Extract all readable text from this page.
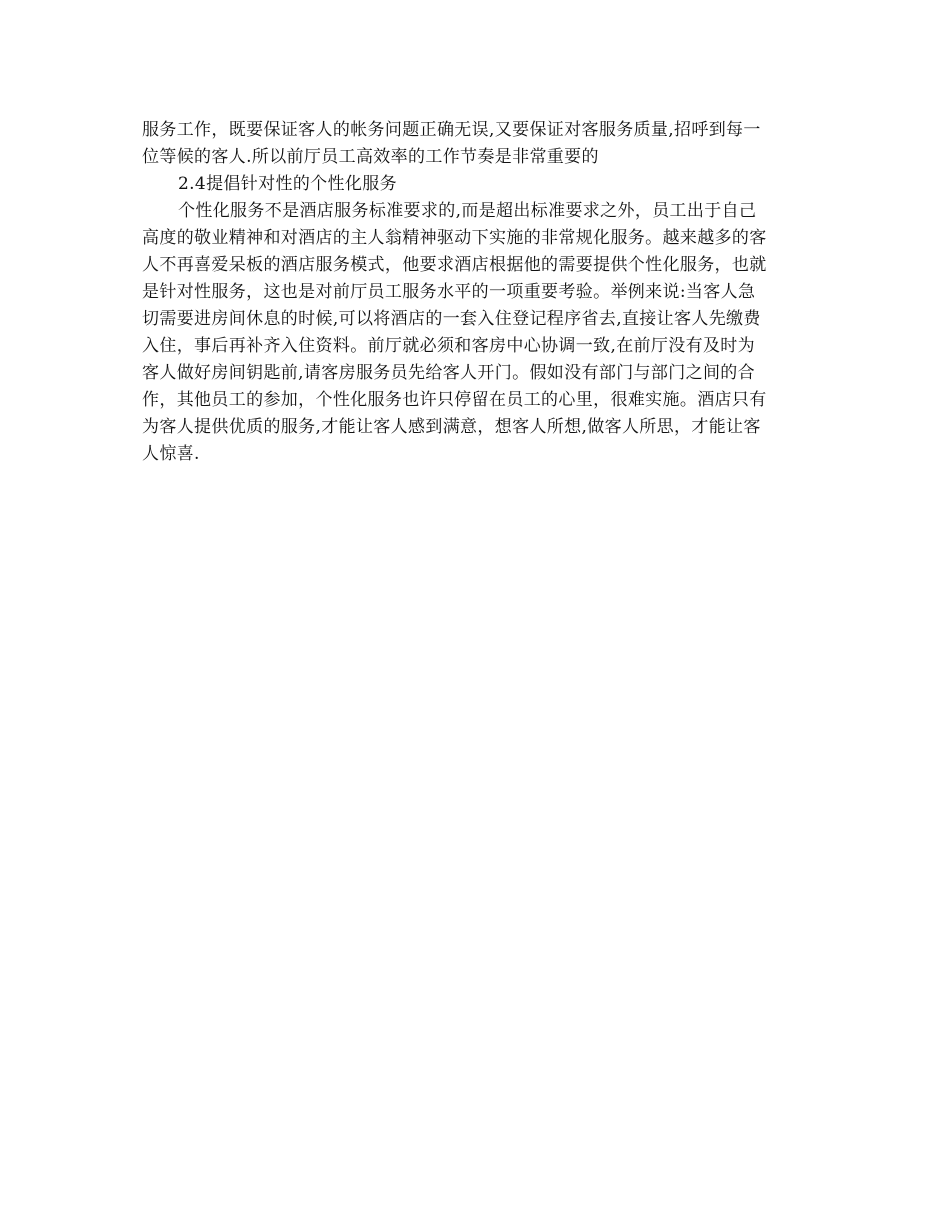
服务工作，既要保证客人的帐务问题正确无误,又要保证对客服务质量,招呼到每一
位等候的客人.所以前厅员工高效率的工作节奏是非常重要的
2.4提倡针对性的个性化服务
个性化服务不是酒店服务标准要求的,而是超出标准要求之外，员工出于自己
高度的敬业精神和对酒店的主人翁精神驱动下实施的非常规化服务。越来越多的客
人不再喜爱呆板的酒店服务模式，他要求酒店根据他的需要提供个性化服务，也就
是针对性服务，这也是对前厅员工服务水平的一项重要考验。举例来说:当客人急
切需要进房间休息的时候,可以将酒店的一套入住登记程序省去,直接让客人先缴费
入住，事后再补齐入住资料。前厅就必须和客房中心协调一致,在前厅没有及时为
客人做好房间钥匙前,请客房服务员先给客人开门。假如没有部门与部门之间的合
作，其他员工的参加，个性化服务也许只停留在员工的心里，很难实施。酒店只有
为客人提供优质的服务,才能让客人感到满意，想客人所想,做客人所思，才能让客
人惊喜.
